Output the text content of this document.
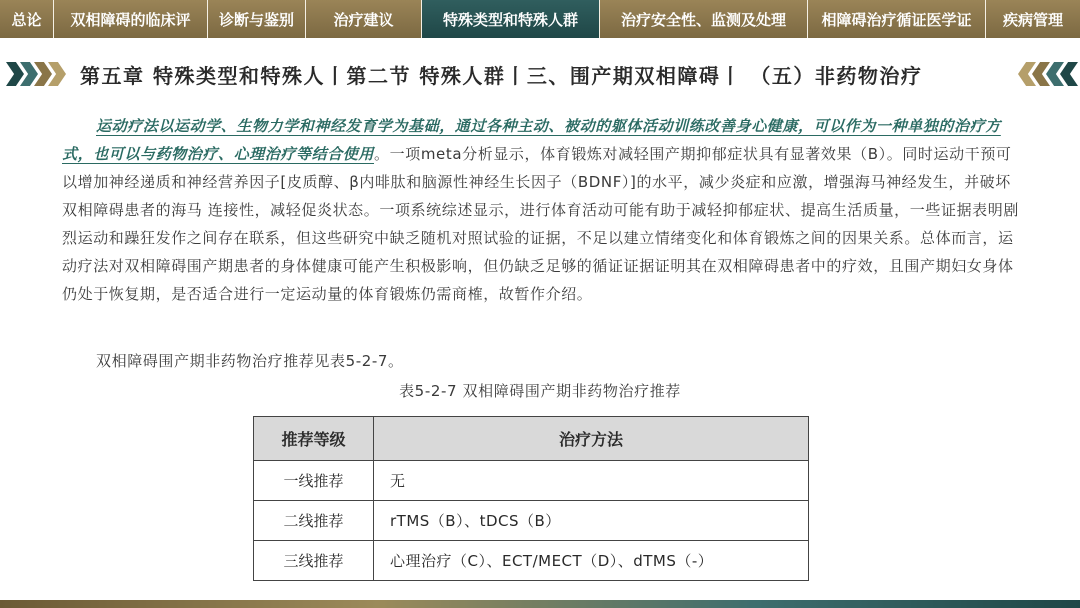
总论	双相障碍的临床评	诊断与鉴别	治疗建议	特殊类型和特殊人群	治疗安全性、监测及处理	相障碍治疗循证医学证	疾病管理
第五章 特殊类型和特殊人丨第二节 特殊人群丨三、围产期双相障碍丨 （五）非药物治疗

运动疗法以运动学、生物力学和神经发育学为基础，通过各种主动、被动的躯体活动训练改善身心健康，可以作为一种单独的治疗方式，也可以与药物治疗、心理治疗等结合使用。一项meta分析显示，体育锻炼对减轻围产期抑郁症状具有显著效果（B）。同时运动干预可以增加神经递质和神经营养因子[皮质醇、β内啡肽和脑源性神经生长因子（BDNF）]的水平，减少炎症和应激，增强海马神经发生，并破坏双相障碍患者的海马 连接性，减轻促炎状态。一项系统综述显示，进行体育活动可能有助于减轻抑郁症状、提高生活质量，一些证据表明剧烈运动和躁狂发作之间存在联系，但这些研究中缺乏随机对照试验的证据，不足以建立情绪变化和体育锻炼之间的因果关系。总体而言，运动疗法对双相障碍围产期患者的身体健康可能产生积极影响，但仍缺乏足够的循证证据证明其在双相障碍患者中的疗效，且围产期妇女身体仍处于恢复期，是否适合进行一定运动量的体育锻炼仍需商榷，故暂作介绍。

双相障碍围产期非药物治疗推荐见表5-2-7。
表5-2-7 双相障碍围产期非药物治疗推荐
推荐等级	治疗方法
一线推荐	无
二线推荐	rTMS（B）、tDCS（B）
三线推荐	心理治疗（C）、ECT/MECT（D）、dTMS（-）
